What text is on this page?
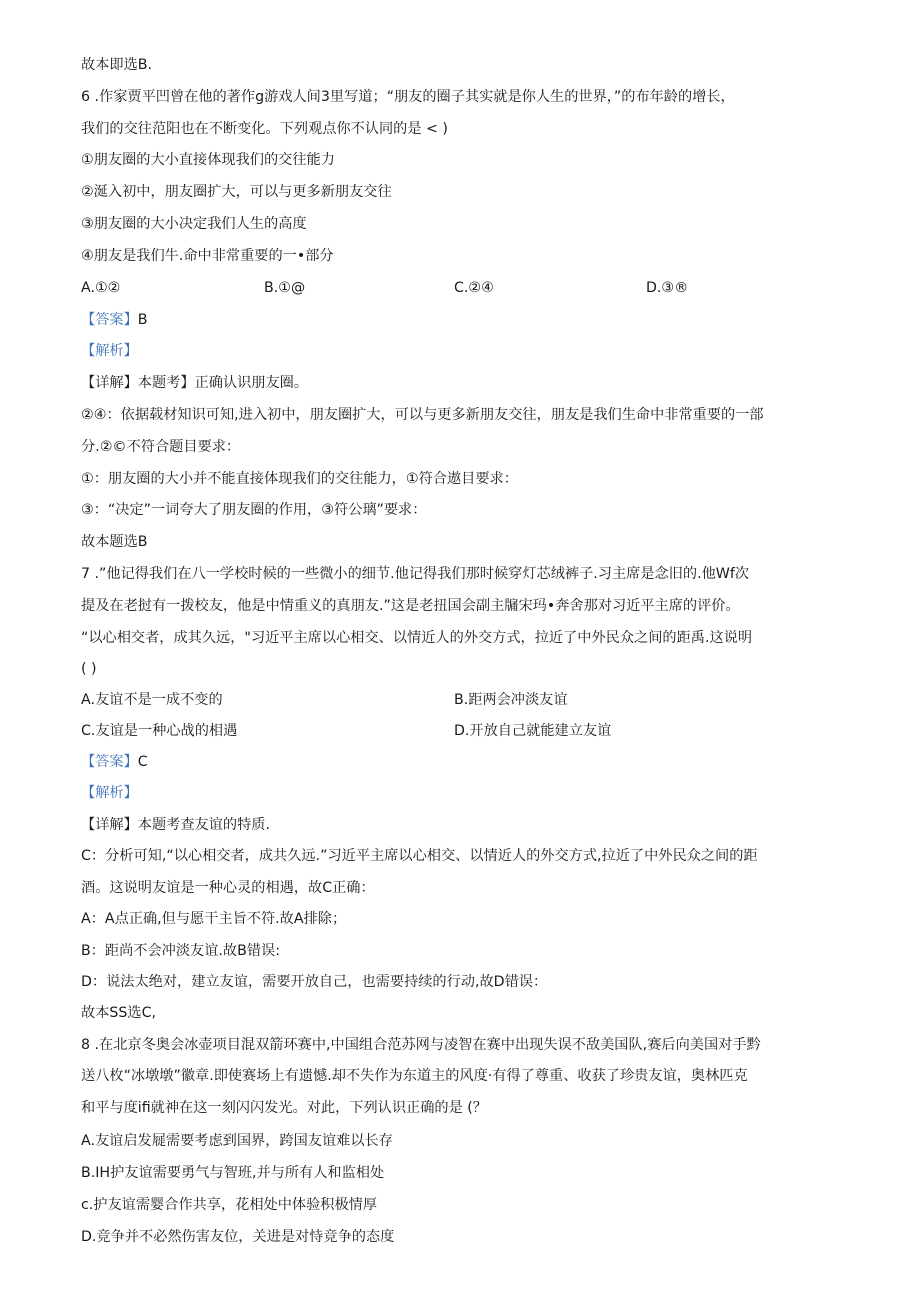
故本即选B.
6 .作家贾平凹曾在他的著作g游戏人间3里写道；“朋友的圈子其实就是你人生的世界，”的布年龄的增长，
我们的交往范阳也在不断变化。下列观点你不认同的是 < )
①朋友圈的大小直接体现我们的交往能力
②涎入初中，朋友圈扩大，可以与更多新朋友交往
③朋友圈的大小决定我们人生的高度
④朋友是我们牛.命中非常重要的一•部分
A.①②	B.①@	C.②④	D.③®
【答案】B
【解析】
【详解】本题考】正确认识朋友圈。
②④：依据载材知识可知,进入初中，朋友圈扩大，可以与更多新朋友交往，朋友是我们生命中非常重要的一部
分.②©不符合题目要求：
①：朋友圈的大小并不能直接体现我们的交往能力，①符合遨目要求：
③：“决定”一词夸大了朋友圈的作用，③符公璃”要求：
故本题选B
7 .”他记得我们在八一学校时候的一些微小的细节.他记得我们那时候穿灯芯绒裤子.习主席是念旧的.他Wf次
提及在老挝有一拨校友，他是中情重义的真朋友.”这是老扭国会副主牖宋玛•奔舍那对习近平主席的评价。
“以心相交者，成其久远，"习近平主席以心相交、以情近人的外交方式，拉近了中外民众之间的距禹.这说明
( )
A.友谊不是一成不变的	B.距两会冲淡友谊
C.友谊是一种心战的相遇	D.开放自己就能建立友谊
【答案】C
【解析】
【详解】本题考查友谊的特质.
C：分析可知,“以心相交者，成共久远.”习近平主席以心相交、以情近人的外交方式,拉近了中外民众之间的距
酒。这说明友谊是一种心灵的相遇，故C正确：
A：A点正确,但与愿干主旨不符.故A排除；
B：距尚不会冲淡友谊.故B错误:
D：说法太绝对，建立友谊，需要开放自己，也需要持续的行动,故D错误：
故本SS选C,
8 .在北京冬奥会冰壶项目混双箭环赛中,中国组合范苏网与凌智在赛中出现失误不敌美国队,赛后向美国对手黔
送八枚“冰墩墩”徽章.即使赛场上有遗憾.却不失作为东道主的风度·有得了尊重、收获了珍贵友谊，奥林匹克
和平与度ifi就神在这一刻闪闪发光。对此，下列认识正确的是 (？
A.友谊启发屣需要考虑到国界，跨国友谊难以长存
B.IH护友谊需要勇气与智班,并与所有人和监相处
c.护友谊需婴合作共享，花相处中体验积极情厚
D.竞争并不必然伤害友位，关进是对恃竞争的态度
